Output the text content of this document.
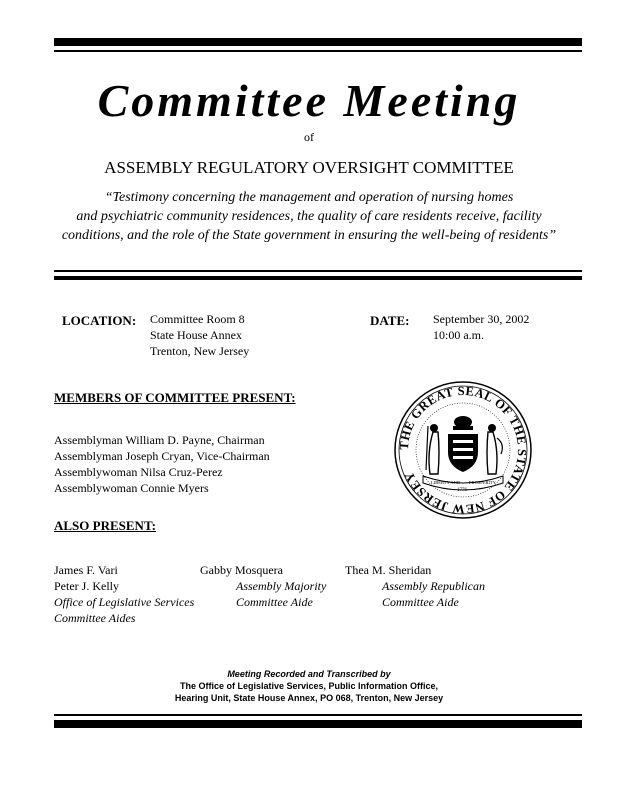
Committee Meeting
of
ASSEMBLY REGULATORY OVERSIGHT COMMITTEE
“Testimony concerning the management and operation of nursing homes
and psychiatric community residences, the quality of care residents receive, facility
conditions, and the role of the State government in ensuring the well-being of residents”
LOCATION: Committee Room 8
State House Annex
Trenton, New Jersey
DATE: September 30, 2002
10:00 a.m.
MEMBERS OF COMMITTEE PRESENT:
Assemblyman William D. Payne, Chairman
Assemblyman Joseph Cryan, Vice-Chairman
Assemblywoman Nilsa Cruz-Perez
Assemblywoman Connie Myers
THE GREAT SEAL OF THE STATE OF NEW JERSEY	LIBERTY AND PROSPERITY
1776
ALSO PRESENT:
James F. Vari
Peter J. Kelly
Office of Legislative Services
Committee Aides
Gabby Mosquera
Assembly Majority
Committee Aide
Thea M. Sheridan
Assembly Republican
Committee Aide
Meeting Recorded and Transcribed by
The Office of Legislative Services, Public Information Office,
Hearing Unit, State House Annex, PO 068, Trenton, New Jersey
